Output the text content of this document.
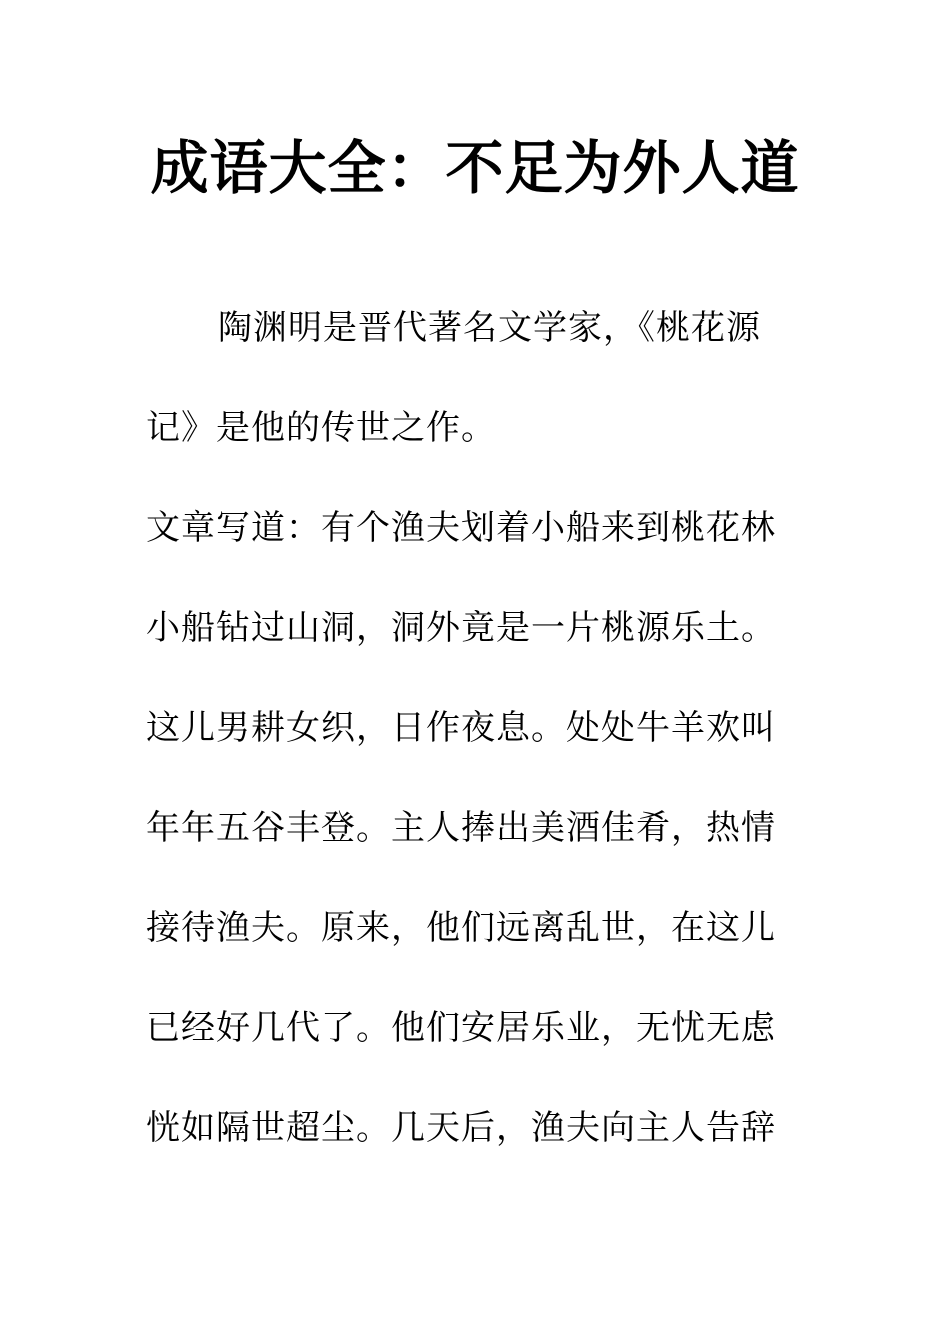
成语大全：不足为外人道
陶渊明是晋代著名文学家，《桃花源
记》是他的传世之作。
文章写道：有个渔夫划着小船来到桃花林
小船钻过山洞，洞外竟是一片桃源乐土。
这儿男耕女织，日作夜息。处处牛羊欢叫
年年五谷丰登。主人捧出美酒佳肴，热情
接待渔夫。原来，他们远离乱世，在这儿
已经好几代了。他们安居乐业，无忧无虑
恍如隔世超尘。几天后，渔夫向主人告辞
